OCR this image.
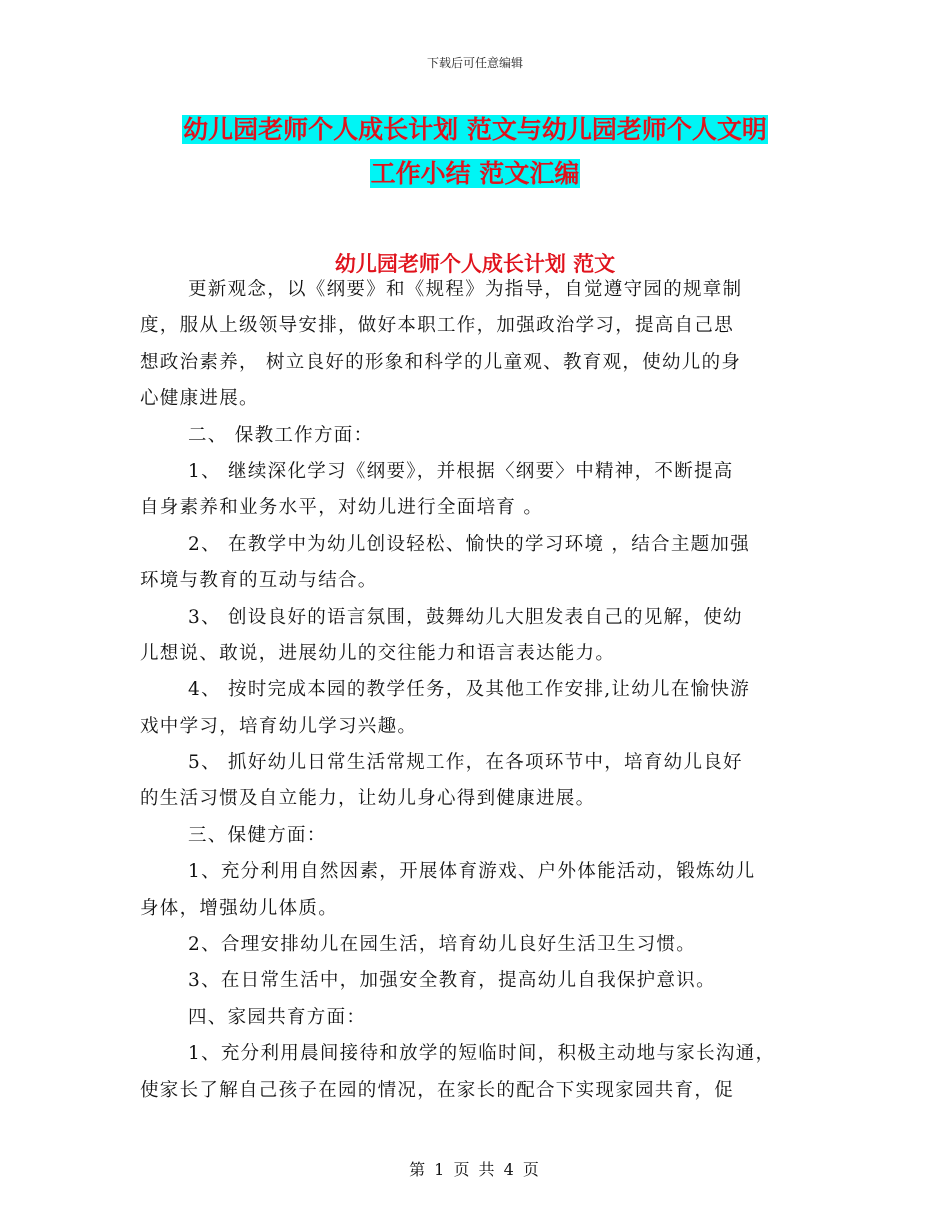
下载后可任意编辑
幼儿园老师个人成长计划 范文与幼儿园老师个人文明
工作小结 范文汇编
幼儿园老师个人成长计划 范文
更新观念，以《纲要》和《规程》为指导，自觉遵守园的规章制
度，服从上级领导安排，做好本职工作，加强政治学习，提高自己思
想政治素养， 树立良好的形象和科学的儿童观、教育观，使幼儿的身
心健康进展。
二、 保教工作方面：
1、 继续深化学习《纲要》，并根据〈纲要〉中精神，不断提高
自身素养和业务水平，对幼儿进行全面培育 。
2、 在教学中为幼儿创设轻松、愉快的学习环境 ，结合主题加强
环境与教育的互动与结合。
3、 创设良好的语言氛围，鼓舞幼儿大胆发表自己的见解，使幼
儿想说、敢说，进展幼儿的交往能力和语言表达能力。
4、 按时完成本园的教学任务，及其他工作安排,让幼儿在愉快游
戏中学习，培育幼儿学习兴趣。
5、 抓好幼儿日常生活常规工作，在各项环节中，培育幼儿良好
的生活习惯及自立能力，让幼儿身心得到健康进展。
三、保健方面：
1、充分利用自然因素，开展体育游戏、户外体能活动，锻炼幼儿
身体，增强幼儿体质。
2、合理安排幼儿在园生活，培育幼儿良好生活卫生习惯。
3、在日常生活中，加强安全教育，提高幼儿自我保护意识。
四、家园共育方面：
1、充分利用晨间接待和放学的短临时间，积极主动地与家长沟通，
使家长了解自己孩子在园的情况，在家长的配合下实现家园共育，促
第 1 页 共 4 页
